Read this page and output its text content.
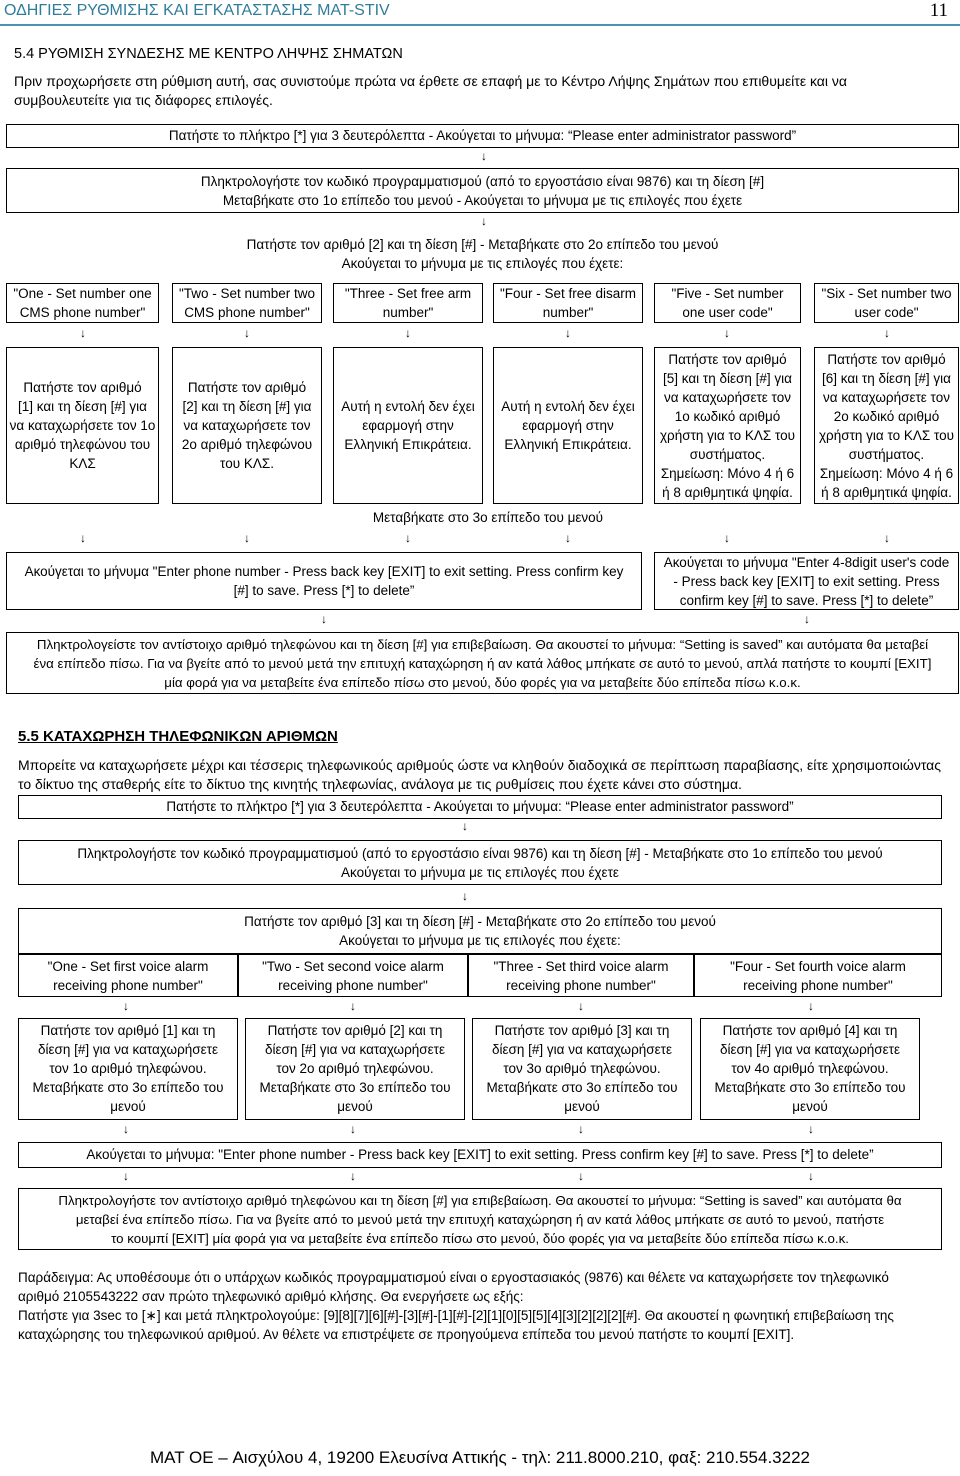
ΟΔΗΓΙΕΣ ΡΥΘΜΙΣΗΣ ΚΑΙ ΕΓΚΑΤΑΣΤΑΣΗΣ MAT-STIV	11
5.4 ΡΥΘΜΙΣΗ ΣΥΝΔΕΣΗΣ ΜΕ ΚΕΝΤΡΟ ΛΗΨΗΣ ΣΗΜΑΤΩΝ
Πριν προχωρήσετε στη ρύθμιση αυτή, σας συνιστούμε πρώτα να έρθετε σε επαφή με το Κέντρο Λήψης Σημάτων που επιθυμείτε και να
συμβουλευτείτε για τις διάφορες επιλογές.
Πατήστε το πλήκτρο [*] για 3 δευτερόλεπτα - Ακούγεται το μήνυμα: “Please enter administrator password”
↓
Πληκτρολογήστε τον κωδικό προγραμματισμού (από το εργοστάσιο είναι 9876) και τη δίεση [#]
Μεταβήκατε στο 1ο επίπεδο του μενού - Ακούγεται το μήνυμα με τις επιλογές που έχετε
↓
Πατήστε τον αριθμό [2] και τη δίεση [#] - Μεταβήκατε στο 2ο επίπεδο του μενού
Ακούγεται το μήνυμα με τις επιλογές που έχετε:
"One - Set number one
CMS phone number"
"Two - Set number two
CMS phone number"
"Three - Set free arm
number"
"Four - Set free disarm
number"
"Five - Set number
one user code"
"Six - Set number two
user code"
↓	↓	↓	↓	↓	↓
Πατήστε τον αριθμό
[1] και τη δίεση [#] για
να καταχωρήσετε τον 1ο
αριθμό τηλεφώνου του
ΚΛΣ
Πατήστε τον αριθμό
[2] και τη δίεση [#] για
να καταχωρήσετε τον
2ο αριθμό τηλεφώνου
του ΚΛΣ.
Αυτή η εντολή δεν έχει
εφαρμογή στην
Ελληνική Επικράτεια.
Αυτή η εντολή δεν έχει
εφαρμογή στην
Ελληνική Επικράτεια.
Πατήστε τον αριθμό
[5] και τη δίεση [#] για
να καταχωρήσετε τον
1ο κωδικό αριθμό
χρήστη για το ΚΛΣ του
συστήματος.
Σημείωση: Μόνο 4 ή 6
ή 8 αριθμητικά ψηφία.
Πατήστε τον αριθμό
[6] και τη δίεση [#] για
να καταχωρήσετε τον
2ο κωδικό αριθμό
χρήστη για το ΚΛΣ του
συστήματος.
Σημείωση: Μόνο 4 ή 6
ή 8 αριθμητικά ψηφία.
Μεταβήκατε στο 3ο επίπεδο του μενού
↓	↓	↓	↓	↓	↓
Ακούγεται το μήνυμα "Enter phone number - Press back key [EXIT] to exit setting. Press confirm key
[#] to save. Press [*] to delete”
Ακούγεται το μήνυμα "Enter 4-8digit user's code
- Press back key [EXIT] to exit setting. Press
confirm key [#] to save. Press [*] to delete”
↓	↓
Πληκτρολογείστε τον αντίστοιχο αριθμό τηλεφώνου και τη δίεση [#] για επιβεβαίωση. Θα ακουστεί το μήνυμα: “Setting is saved” και αυτόματα θα μεταβεί
ένα επίπεδο πίσω. Για να βγείτε από το μενού μετά την επιτυχή καταχώρηση ή αν κατά λάθος μπήκατε σε αυτό το μενού, απλά πατήστε το κουμπί [EXIT]
μία φορά για να μεταβείτε ένα επίπεδο πίσω στο μενού, δύο φορές για να μεταβείτε δύο επίπεδα πίσω κ.ο.κ.
5.5 ΚΑΤΑΧΩΡΗΣΗ ΤΗΛΕΦΩΝΙΚΩΝ ΑΡΙΘΜΩΝ
Μπορείτε να καταχωρήσετε μέχρι και τέσσερις τηλεφωνικούς αριθμούς ώστε να κληθούν διαδοχικά σε περίπτωση παραβίασης, είτε χρησιμοποιώντας
το δίκτυο της σταθερής είτε το δίκτυο της κινητής τηλεφωνίας, ανάλογα με τις ρυθμίσεις που έχετε κάνει στο σύστημα.
Πατήστε το πλήκτρο [*] για 3 δευτερόλεπτα - Ακούγεται το μήνυμα: “Please enter administrator password”
↓
Πληκτρολογήστε τον κωδικό προγραμματισμού (από το εργοστάσιο είναι 9876) και τη δίεση [#] - Μεταβήκατε στο 1ο επίπεδο του μενού
Ακούγεται το μήνυμα με τις επιλογές που έχετε
↓
Πατήστε τον αριθμό [3] και τη δίεση [#] - Μεταβήκατε στο 2ο επίπεδο του μενού
Ακούγεται το μήνυμα με τις επιλογές που έχετε:
"One - Set first voice alarm
receiving phone number"
"Two - Set second voice alarm
receiving phone number"
"Three - Set third voice alarm
receiving phone number"
"Four - Set fourth voice alarm
receiving phone number"
↓	↓	↓	↓
Πατήστε τον αριθμό [1] και τη
δίεση [#] για να καταχωρήσετε
τον 1ο αριθμό τηλεφώνου.
Μεταβήκατε στο 3ο επίπεδο του
μενού
Πατήστε τον αριθμό [2] και τη
δίεση [#] για να καταχωρήσετε
τον 2ο αριθμό τηλεφώνου.
Μεταβήκατε στο 3ο επίπεδο του
μενού
Πατήστε τον αριθμό [3] και τη
δίεση [#] για να καταχωρήσετε
τον 3ο αριθμό τηλεφώνου.
Μεταβήκατε στο 3ο επίπεδο του
μενού
Πατήστε τον αριθμό [4] και τη
δίεση [#] για να καταχωρήσετε
τον 4ο αριθμό τηλεφώνου.
Μεταβήκατε στο 3ο επίπεδο του
μενού
↓	↓	↓	↓
Ακούγεται το μήνυμα: "Enter phone number - Press back key [EXIT] to exit setting. Press confirm key [#] to save. Press [*] to delete”
↓	↓	↓	↓
Πληκτρολογήστε τον αντίστοιχο αριθμό τηλεφώνου και τη δίεση [#] για επιβεβαίωση. Θα ακουστεί το μήνυμα: “Setting is saved” και αυτόματα θα
μεταβεί ένα επίπεδο πίσω. Για να βγείτε από το μενού μετά την επιτυχή καταχώρηση ή αν κατά λάθος μπήκατε σε αυτό το μενού, πατήστε
το κουμπί [EXIT] μία φορά για να μεταβείτε ένα επίπεδο πίσω στο μενού, δύο φορές για να μεταβείτε δύο επίπεδα πίσω κ.ο.κ.
Παράδειγμα: Ας υποθέσουμε ότι ο υπάρχων κωδικός προγραμματισμού είναι ο εργοστασιακός (9876) και θέλετε να καταχωρήσετε τον τηλεφωνικό
αριθμό 2105543222 σαν πρώτο τηλεφωνικό αριθμό κλήσης. Θα ενεργήσετε ως εξής:
Πατήστε για 3sec το [∗] και μετά πληκτρολογούμε: [9][8][7][6][#]-[3][#]-[1][#]-[2][1][0][5][5][4][3][2][2][2][#]. Θα ακουστεί η φωνητική επιβεβαίωση της
καταχώρησης του τηλεφωνικού αριθμού. Αν θέλετε να επιστρέψετε σε προηγούμενα επίπεδα του μενού πατήστε το κουμπί [EXIT].
MAT OE – Αισχύλου 4, 19200 Ελευσίνα Αττικής - τηλ: 211.8000.210, φαξ: 210.554.3222
